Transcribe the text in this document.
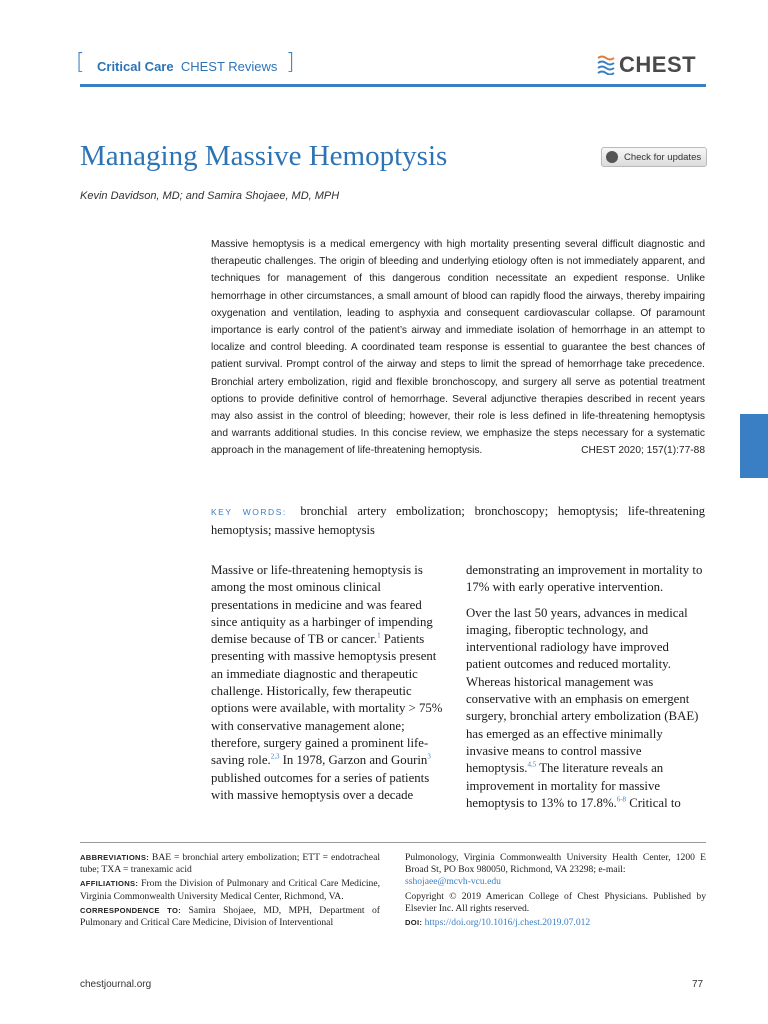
[ Critical Care CHEST Reviews ]	CHEST
Managing Massive Hemoptysis	Check for updates
Kevin Davidson, MD; and Samira Shojaee, MD, MPH
Massive hemoptysis is a medical emergency with high mortality presenting several difficult diagnostic and therapeutic challenges. The origin of bleeding and underlying etiology often is not immediately apparent, and techniques for management of this dangerous condition necessitate an expedient response. Unlike hemorrhage in other circumstances, a small amount of blood can rapidly flood the airways, thereby impairing oxygenation and ventilation, leading to asphyxia and consequent cardiovascular collapse. Of paramount importance is early control of the patient’s airway and immediate isolation of hemorrhage in an attempt to localize and control bleeding. A coordinated team response is essential to guarantee the best chances of patient survival. Prompt control of the airway and steps to limit the spread of hemorrhage take precedence. Bronchial artery embolization, rigid and flexible bronchoscopy, and surgery all serve as potential treatment options to provide definitive control of hemorrhage. Several adjunctive therapies described in recent years may also assist in the control of bleeding; however, their role is less defined in life-threatening hemoptysis and warrants additional studies. In this concise review, we emphasize the steps necessary for a systematic approach in the management of life-threatening hemoptysis.	CHEST 2020; 157(1):77-88
KEY WORDS: bronchial artery embolization; bronchoscopy; hemoptysis; life-threatening hemoptysis; massive hemoptysis

Massive or life-threatening hemoptysis is among the most ominous clinical presentations in medicine and was feared since antiquity as a harbinger of impending demise because of TB or cancer.$^1$ Patients presenting with massive hemoptysis present an immediate diagnostic and therapeutic challenge. Historically, few therapeutic options were available, with mortality > 75% with conservative management alone; therefore, surgery gained a prominent life-saving role.$^{2,3}$ In 1978, Garzon and Gourin$^3$ published outcomes for a series of patients with massive hemoptysis over a decade

demonstrating an improvement in mortality to 17% with early operative intervention.

Over the last 50 years, advances in medical imaging, fiberoptic technology, and interventional radiology have improved patient outcomes and reduced mortality. Whereas historical management was conservative with an emphasis on emergent surgery, bronchial artery embolization (BAE) has emerged as an effective minimally invasive means to control massive hemoptysis.$^{4,5}$ The literature reveals an improvement in mortality for massive hemoptysis to 13% to 17.8%.$^{6-8}$ Critical to

ABBREVIATIONS: BAE = bronchial artery embolization; ETT = endotracheal tube; TXA = tranexamic acid

AFFILIATIONS: From the Division of Pulmonary and Critical Care Medicine, Virginia Commonwealth University Medical Center, Richmond, VA.

CORRESPONDENCE TO: Samira Shojaee, MD, MPH, Department of Pulmonary and Critical Care Medicine, Division of Interventional

Pulmonology, Virginia Commonwealth University Health Center, 1200 E Broad St, PO Box 980050, Richmond, VA 23298; e-mail:
sshojaee@mcvh-vcu.edu

Copyright © 2019 American College of Chest Physicians. Published by Elsevier Inc. All rights reserved.

DOI: https://doi.org/10.1016/j.chest.2019.07.012

chestjournal.org	77
